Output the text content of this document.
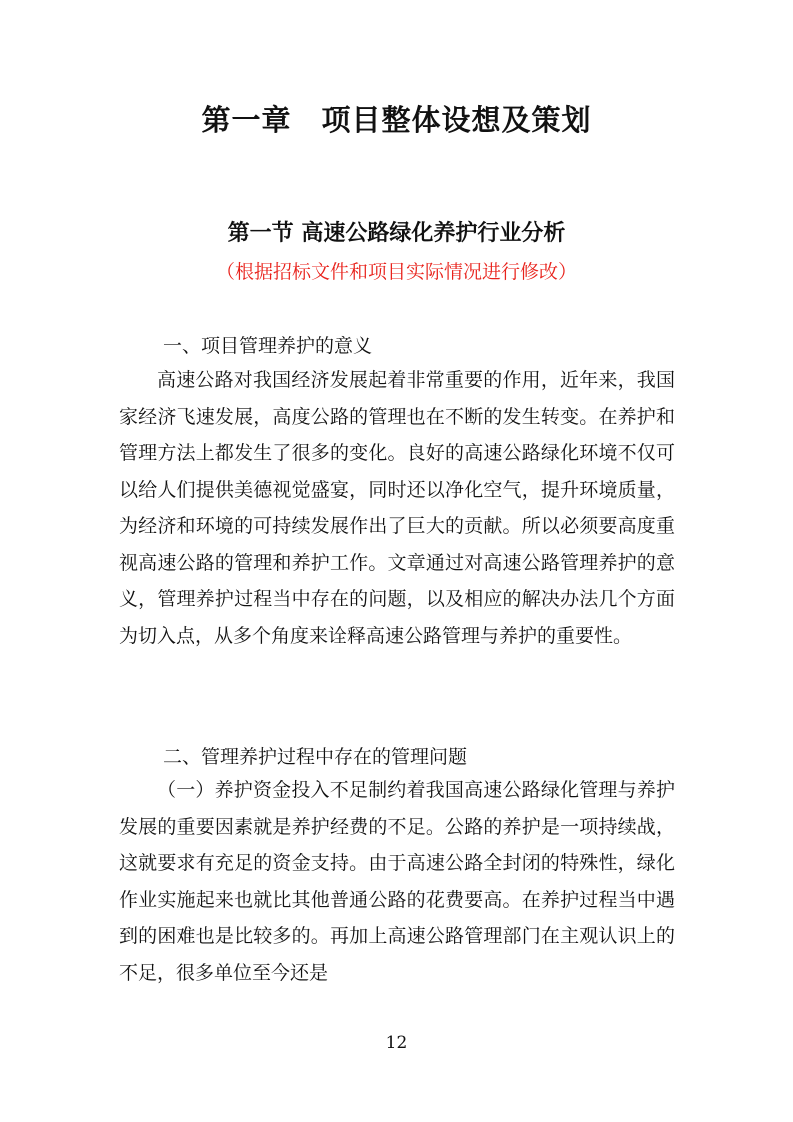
第一章　项目整体设想及策划
第一节 高速公路绿化养护行业分析
（根据招标文件和项目实际情况进行修改）
一、项目管理养护的意义
高速公路对我国经济发展起着非常重要的作用，近年来，我国家经济飞速发展，高度公路的管理也在不断的发生转变。在养护和管理方法上都发生了很多的变化。良好的高速公路绿化环境不仅可以给人们提供美德视觉盛宴，同时还以净化空气，提升环境质量，为经济和环境的可持续发展作出了巨大的贡献。所以必须要高度重视高速公路的管理和养护工作。文章通过对高速公路管理养护的意义，管理养护过程当中存在的问题，以及相应的解决办法几个方面为切入点，从多个角度来诠释高速公路管理与养护的重要性。
二、管理养护过程中存在的管理问题
（一）养护资金投入不足制约着我国高速公路绿化管理与养护发展的重要因素就是养护经费的不足。公路的养护是一项持续战，这就要求有充足的资金支持。由于高速公路全封闭的特殊性，绿化作业实施起来也就比其他普通公路的花费要高。在养护过程当中遇到的困难也是比较多的。再加上高速公路管理部门在主观认识上的不足，很多单位至今还是
12
